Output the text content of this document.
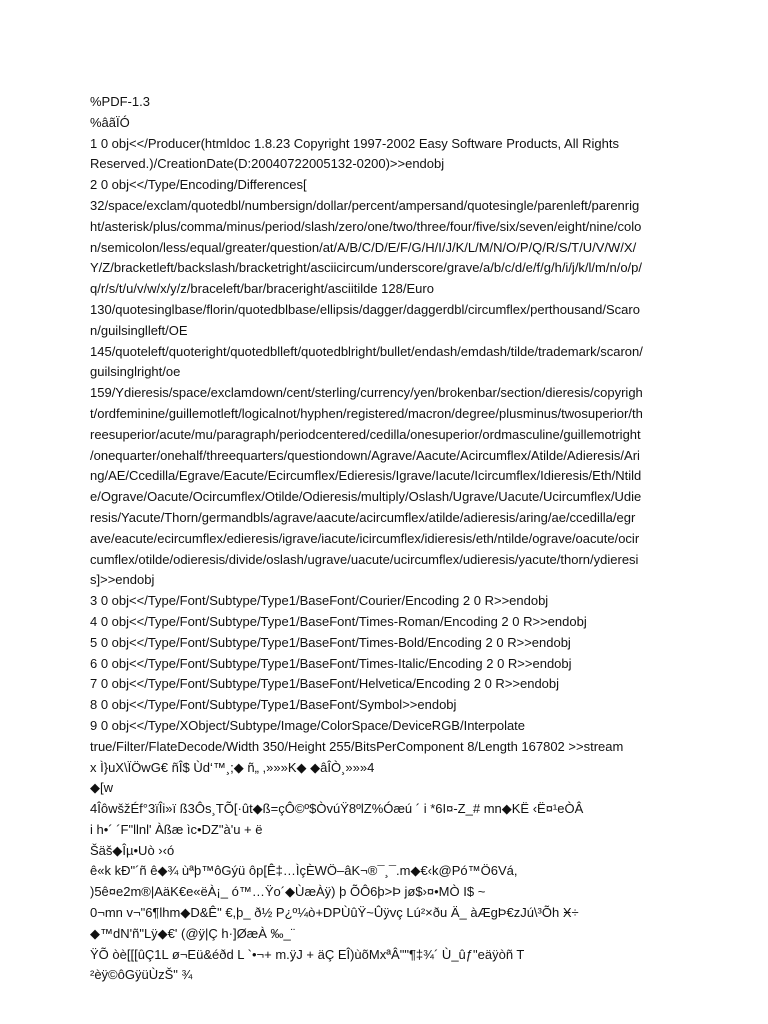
%PDF-1.3
%âãÏÓ
1 0 obj<</Producer(htmldoc 1.8.23 Copyright 1997-2002 Easy Software Products, All Rights
Reserved.)/CreationDate(D:20040722005132-0200)>>endobj
2 0 obj<</Type/Encoding/Differences[
32/space/exclam/quotedbl/numbersign/dollar/percent/ampersand/quotesingle/parenleft/parenrig
ht/asterisk/plus/comma/minus/period/slash/zero/one/two/three/four/five/six/seven/eight/nine/colo
n/semicolon/less/equal/greater/question/at/A/B/C/D/E/F/G/H/I/J/K/L/M/N/O/P/Q/R/S/T/U/V/W/X/
Y/Z/bracketleft/backslash/bracketright/asciicircum/underscore/grave/a/b/c/d/e/f/g/h/i/j/k/l/m/n/o/p/
q/r/s/t/u/v/w/x/y/z/braceleft/bar/braceright/asciitilde 128/Euro
130/quotesinglbase/florin/quotedblbase/ellipsis/dagger/daggerdbl/circumflex/perthousand/Scaro
n/guilsinglleft/OE
145/quoteleft/quoteright/quotedblleft/quotedblright/bullet/endash/emdash/tilde/trademark/scaron/
guilsinglright/oe
159/Ydieresis/space/exclamdown/cent/sterling/currency/yen/brokenbar/section/dieresis/copyrigh
t/ordfeminine/guillemotleft/logicalnot/hyphen/registered/macron/degree/plusminus/twosuperior/th
reesuperior/acute/mu/paragraph/periodcentered/cedilla/onesuperior/ordmasculine/guillemotright
/onequarter/onehalf/threequarters/questiondown/Agrave/Aacute/Acircumflex/Atilde/Adieresis/Ari
ng/AE/Ccedilla/Egrave/Eacute/Ecircumflex/Edieresis/Igrave/Iacute/Icircumflex/Idieresis/Eth/Ntild
e/Ograve/Oacute/Ocircumflex/Otilde/Odieresis/multiply/Oslash/Ugrave/Uacute/Ucircumflex/Udie
resis/Yacute/Thorn/germandbls/agrave/aacute/acircumflex/atilde/adieresis/aring/ae/ccedilla/egr
ave/eacute/ecircumflex/edieresis/igrave/iacute/icircumflex/idieresis/eth/ntilde/ograve/oacute/ocir
cumflex/otilde/odieresis/divide/oslash/ugrave/uacute/ucircumflex/udieresis/yacute/thorn/ydieresi
s]>>endobj
3 0 obj<</Type/Font/Subtype/Type1/BaseFont/Courier/Encoding 2 0 R>>endobj
4 0 obj<</Type/Font/Subtype/Type1/BaseFont/Times-Roman/Encoding 2 0 R>>endobj
5 0 obj<</Type/Font/Subtype/Type1/BaseFont/Times-Bold/Encoding 2 0 R>>endobj
6 0 obj<</Type/Font/Subtype/Type1/BaseFont/Times-Italic/Encoding 2 0 R>>endobj
7 0 obj<</Type/Font/Subtype/Type1/BaseFont/Helvetica/Encoding 2 0 R>>endobj
8 0 obj<</Type/Font/Subtype/Type1/BaseFont/Symbol>>endobj
9 0 obj<</Type/XObject/Subtype/Image/ColorSpace/DeviceRGB/Interpolate
true/Filter/FlateDecode/Width 350/Height 255/BitsPerComponent 8/Length 167802 >>stream
x Ì}uX\ÏÖwG€ ñÎ$ Ùd‘™¸;◆ ñ„ ,»»»K◆ ◆âÎÒ¸»»»4
◆[w
4ÎôwšžÉf°3ïÎi»ï ß3Ôs¸TÕ[·ût◆ß=çÔ©º$ÒvúŸ8ºlZ%Óæú ´ i *6I¤-Z_# mn◆KË ‹Ë¤¹eÒÂ
i h•´ ´F"llnl' Àßæ ìc•DZ"à'u + ë
Šäš◆Îµ•Uò ›‹ó
ê«k kÐ"´ñ ê◆¾ ùªþ™ôGýü ôp[Ê‡…ÌçÈWÖ–âK¬®¯¸¯.m◆€‹k@Pó™Ö6Vá,
)5ê¤e2m®|AäK€e«ëÀ¡_ ó™…Ÿo´◆ÙæÀÿ) þ ÕÔ6þ>Þ jø$›¤•MÒ I$ ~
0¬mn v¬"6¶lhm◆D&Ê" €,þ_ ð½ P¿º¼ò+DPÙûŸ~Ûÿvç Lú²×ðu Ä_ àÆgÞ€zJú\³Õh Ӿ÷
◆™dN'ñ"Lÿ◆€' (@ÿ|Ç h·]ØæÀ ‰_¨
ŸÕ òè[[[ûÇ1L ø¬Eü&éðd L `•¬+ m.ÿJ + äÇ EÎ)ùõMxªÂ""¶‡¾´ Ù_ûƒ"eäÿòñ T
²èÿ©ôGÿüÙzŠ" ¾
